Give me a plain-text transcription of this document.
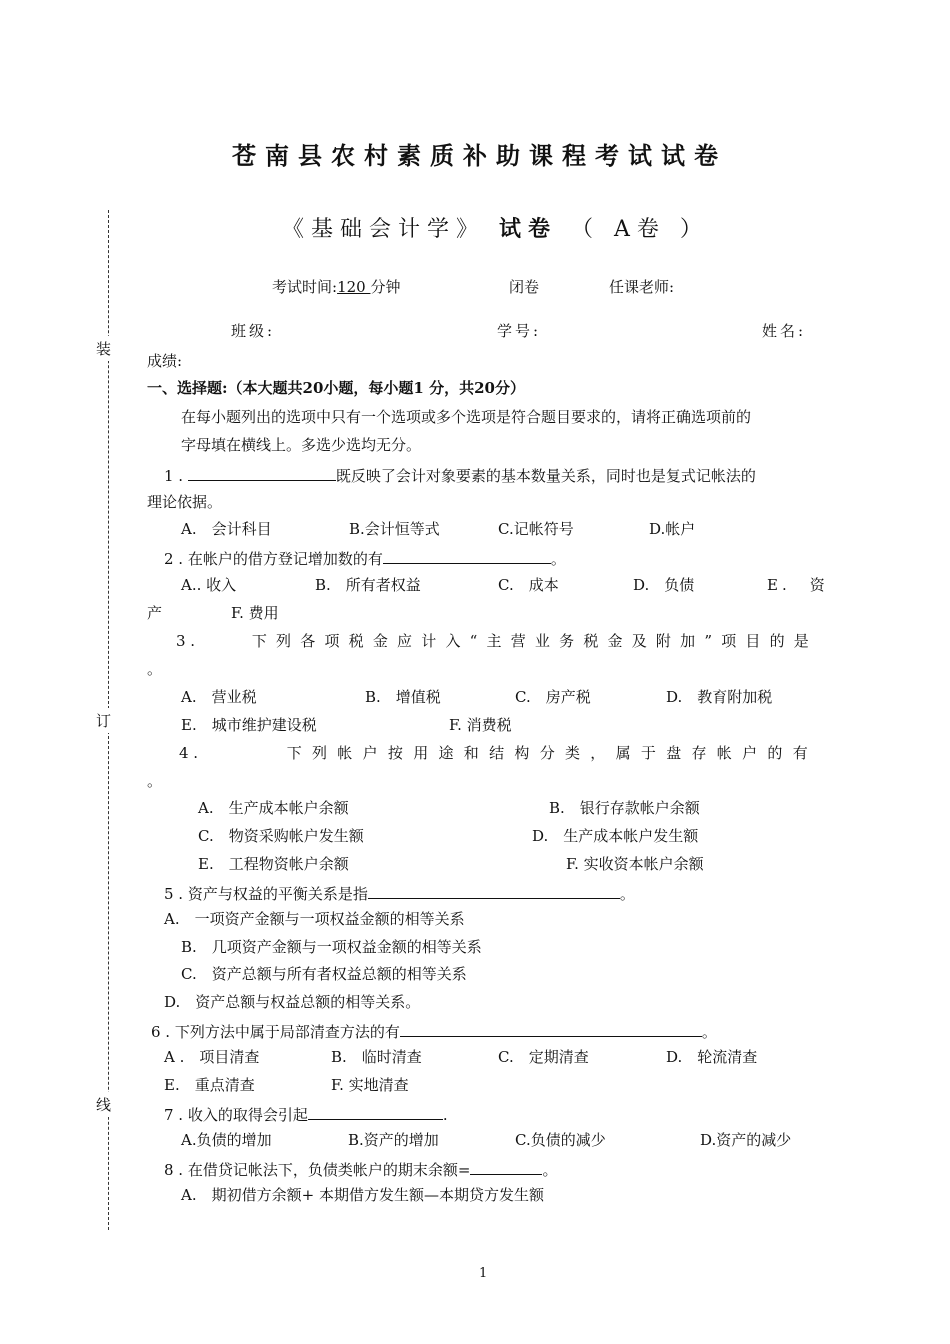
装
订
线
苍南县农村素质补助课程考试试卷
《基础会计学》 试卷 （ A卷 ）
考试时间:120 分钟	闭卷	任课老师:
班级:	学号:	姓名:
成绩:
一、选择题:（本大题共20小题，每小题1 分，共20分）
在每小题列出的选项中只有一个选项或多个选项是符合题目要求的，请将正确选项前的
字母填在横线上。多选少选均无分。
1 .	既反映了会计对象要素的基本数量关系，同时也是复式记帐法的
理论依据。
A.　会计科目	B.会计恒等式	C.记帐符号	D.帐户
2 . 在帐户的借方登记增加数的有	。
A.. 收入	B.　所有者权益	C.　成本	D.　负债	E.　资
产	F. 费用
3 .	下列各项税金应计入“主营业务税金及附加”项目的是
。
A.　营业税	B.　增值税	C.　房产税	D.　教育附加税
E.　城市维护建设税	F. 消费税
4 .	下列帐户按用途和结构分类，属于盘存帐户的有
。
A.　生产成本帐户余额	B.　银行存款帐户余额
C.　物资采购帐户发生额	D.　生产成本帐户发生额
E.　工程物资帐户余额	F. 实收资本帐户余额
5 . 资产与权益的平衡关系是指	。
A.　一项资产金额与一项权益金额的相等关系
B.　几项资产金额与一项权益金额的相等关系
C.　资产总额与所有者权益总额的相等关系
D.　资产总额与权益总额的相等关系。
6 . 下列方法中属于局部清查方法的有	。
A .　项目清查	B.　临时清查	C.　定期清查	D.　轮流清查
E.　重点清查	F. 实地清查
7 . 收入的取得会引起	.
A.负债的增加	B.资产的增加	C.负债的减少	D.资产的减少
8 . 在借贷记帐法下，负债类帐户的期末余额=	。
A.　期初借方余额+ 本期借方发生额—本期贷方发生额
1
